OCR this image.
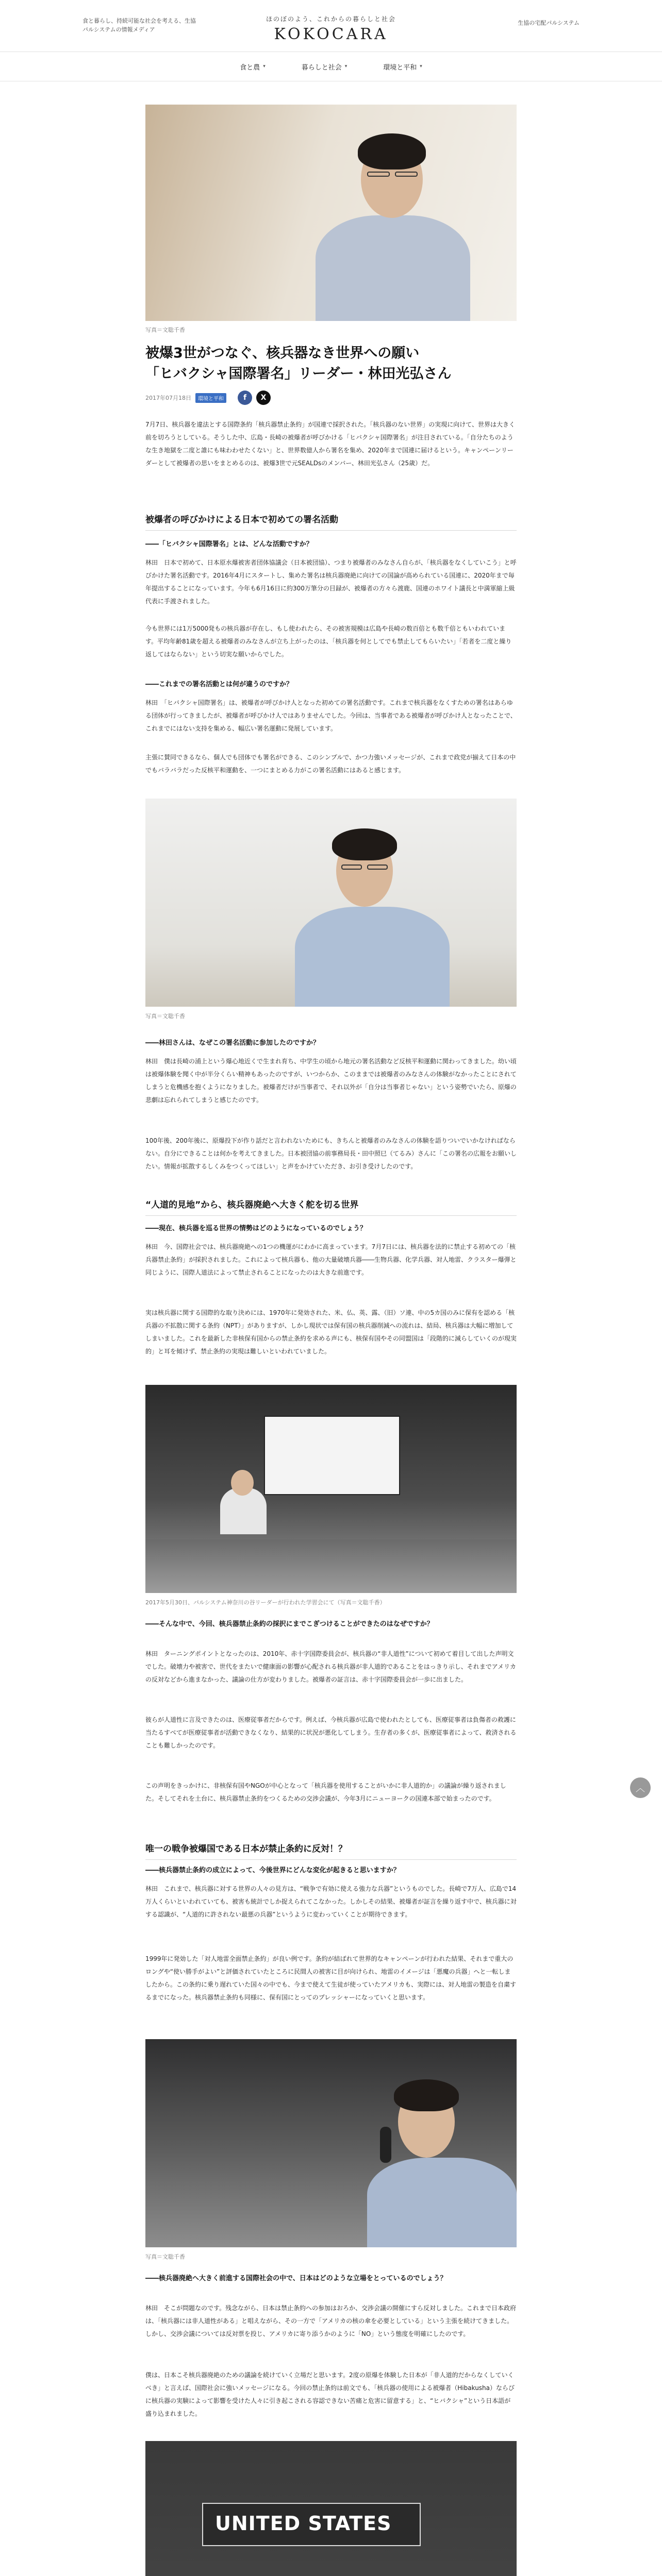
食と暮らし、持続可能な社会を考える、生協パルシステムの情報メディア
ほのぼのよう、これからの暮らしと社会
KOKOCARA
生協の宅配パルシステム
食と農 ▾	暮らしと社会 ▾	環境と平和 ▾
写真＝文聡千香
被爆3世がつなぐ、核兵器なき世界への願い
「ヒバクシャ国際署名」リーダー・林田光弘さん
2017年07月18日	環境と平和	f	X

7月7日、核兵器を違法とする国際条約「核兵器禁止条約」が国連で採択された。「核兵器のない世界」の実現に向けて、世界は大きく前を切ろうとしている。そうした中、広島・長崎の被爆者が呼びかける「ヒバクシャ国際署名」が注目されている。「自分たちのような生き地獄を二度と誰にも味わわせたくない」と、世界数億人から署名を集め、2020年まで国連に届けるという。キャンペーンリーダーとして被爆者の思いをまとめるのは、被爆3世で元SEALDsのメンバー、林田光弘さん（25歳）だ。

被爆者の呼びかけによる日本で初めての署名活動

――「ヒバクシャ国際署名」とは、どんな活動ですか？

林田　日本で初めて、日本原水爆被害者団体協議会（日本被団協）、つまり被爆者のみなさん自らが、「核兵器をなくしていこう」と呼びかけた署名活動です。2016年4月にスタートし、集めた署名は核兵器廃絶に向けての国論が高められている国連に、2020年まで毎年提出することになっています。今年も6月16日に約300万筆分の目録が、被爆者の方々ら渡鹿、国連のホワイト議長と中満軍縮上級代表に手渡されました。

今も世界には1万5000発もの核兵器が存在し、もし使われたら、その被害規模は広島や長崎の数百倍とも数千倍ともいわれています。平均年齢81歳を超える被爆者のみなさんが立ち上がったのは、「核兵器を何としてでも禁止してもらいたい」「若者を二度と繰り返してはならない」という切実な願いからでした。

――これまでの署名活動とは何が違うのですか？

林田　「ヒバクシャ国際署名」は、被爆者が呼びかけ人となった初めての署名活動です。これまで核兵器をなくすための署名はあらゆる団体が行ってきましたが、被爆者が呼びかけ人ではありませんでした。今回は、当事者である被爆者が呼びかけ人となったことで、これまでにはない支持を集める、幅広い署名運動に発展しています。

主張に賛同できるなら、個人でも団体でも署名ができる、このシンプルで、かつ力強いメッセージが、これまで政党が揃えて日本の中でもバラバラだった反核平和運動を、一つにまとめる力がこの署名活動にはあると感じます。

写真＝文聡千香

――林田さんは、なぜこの署名活動に参加したのですか？

林田　僕は長崎の浦上という爆心地近くで生まれ育ち、中学生の頃から地元の署名活動など反核平和運動に関わってきました。幼い頃は被爆体験を聞く中が半分くらい精神もあったのですが、いつからか、このままでは被爆者のみなさんの体験がなかったことにされてしまうと危機感を抱くようになりました。被爆者だけが当事者で、それ以外が「自分は当事者じゃない」という姿勢でいたら、原爆の悲劇は忘れられてしまうと感じたのです。

100年後、200年後に、原爆投下が作り話だと言われないためにも、きちんと被爆者のみなさんの体験を語りついでいかなければならない。自分にできることは何かを考えてきました。日本被団協の前事務局長・田中照巳（てるみ）さんに「この署名の広報をお願いしたい。情報が拡散するしくみをつくってほしい」と声をかけていただき、お引き受けしたのです。

“人道的見地”から、核兵器廃絶へ大きく舵を切る世界

――現在、核兵器を巡る世界の情勢はどのようになっているのでしょう？

林田　今、国際社会では、核兵器廃絶への1つの機運がにわかに高まっています。7月7日には、核兵器を法的に禁止する初めての「核兵器禁止条約」が採択されました。これによって核兵器も、他の大量破壊兵器――生物兵器、化学兵器、対人地雷、クラスター爆弾と同じように、国際人道法によって禁止されることになったのは大きな前進です。

実は核兵器に関する国際的な取り決めには、1970年に発効された、米、仏、英、露、（旧）ソ連、中の5カ国のみに保有を認める「核兵器の不拡散に関する条約（NPT）」がありますが、しかし現状では保有国の核兵器削減への流れは、結局、核兵器は大幅に増加してしまいました。これを最新した非核保有国からの禁止条約を求める声にも、核保有国やその同盟国は「段階的に減らしていくのが現実的」と耳を傾けず、禁止条約の実現は難しいといわれていました。

2017年5月30日、パルシステム神奈川の谷リーダーが行われた学習会にて（写真＝文聡千香）

――そんな中で、今回、核兵器禁止条約の採択にまでこぎつけることができたのはなぜですか？

林田　ターニングポイントとなったのは、2010年、赤十字国際委員会が、核兵器の“非人道性”について初めて着目して出した声明文でした。破壊力や被害で、世代をまたいで健康面の影響が心配される核兵器が非人道的であることをはっきり示し、それまでアメリカの反対などから進まなかった、議論の仕方が変わりました。被爆者の証言は、赤十字国際委員会が一歩に出ました。

彼らが人道性に言及できたのは、医療従事者だからです。例えば、今核兵器が広島で使われたとしても、医療従事者は負傷者の救護に当たるすべてが医療従事者が活動できなくなり、結果的に状況が悪化してしまう。生存者の多くが、医療従事者によって、救済されることも難しかったのです。

この声明をきっかけに、非核保有国やNGOが中心となって「核兵器を使用することがいかに非人道的か」の議論が繰り返されました。そしてそれを土台に、核兵器禁止条約をつくるための交渉会議が、今年3月にニューヨークの国連本部で始まったのです。

唯一の戦争被爆国である日本が禁止条約に反対！？

――核兵器禁止条約の成立によって、今後世界にどんな変化が起きると思いますか？

林田　これまで、核兵器に対する世界の人々の見方は、“戦争で有効に使える強力な兵器”というものでした。長崎で7万人、広島で14万人くらいといわれていても、被害も統計でしか捉えられてこなかった。しかしその結果、被爆者が証言を繰り返す中で、核兵器に対する認識が、“人道的に許されない最悪の兵器”というように変わっていくことが期待できます。

1999年に発効した「対人地雷全面禁止条約」が良い例です。条約が結ばれて世界的なキャンペーンが行われた結果、それまで重大のロングや“使い勝手がよい”と評価されていたところに民間人の被害に目が向けられ、地雷のイメージは「悪魔の兵器」へと一転しましたから。この条約に乗り遅れていた国々の中でも、今まで使えて生徒が使っていたアメリカも、実際には、対人地雷の製造を自粛するまでになった。核兵器禁止条約も同様に、保有国にとってのプレッシャーになっていくと思います。

写真＝文聡千香

――核兵器廃絶へ大きく前進する国際社会の中で、日本はどのような立場をとっているのでしょう？

林田　そこが問題なのです。残念ながら、日本は禁止条約への参加はおろか、交渉会議の開催にすら反対しました。これまで日本政府は、「核兵器には非人道性がある」と唱えながら、その一方で「アメリカの核の傘を必要としている」という主張を続けてきました。しかし、交渉会議については反対票を投じ、アメリカに寄り添うかのように「NO」という態度を明確にしたのです。

僕は、日本こそ核兵器廃絶のための議論を続けていく立場だと思います。2度の原爆を体験した日本が「非人道的だからなくしていくべき」と言えば、国際社会に強いメッセージになる。今回の禁止条約は前文でも、「核兵器の使用による被爆者（Hibakusha）ならびに核兵器の実験によって影響を受けた人々に引き起こされる容認できない苦痛と危害に留意する」と、“ヒバクシャ”という日本語が盛り込まれました。

UNITED STATES
︿
